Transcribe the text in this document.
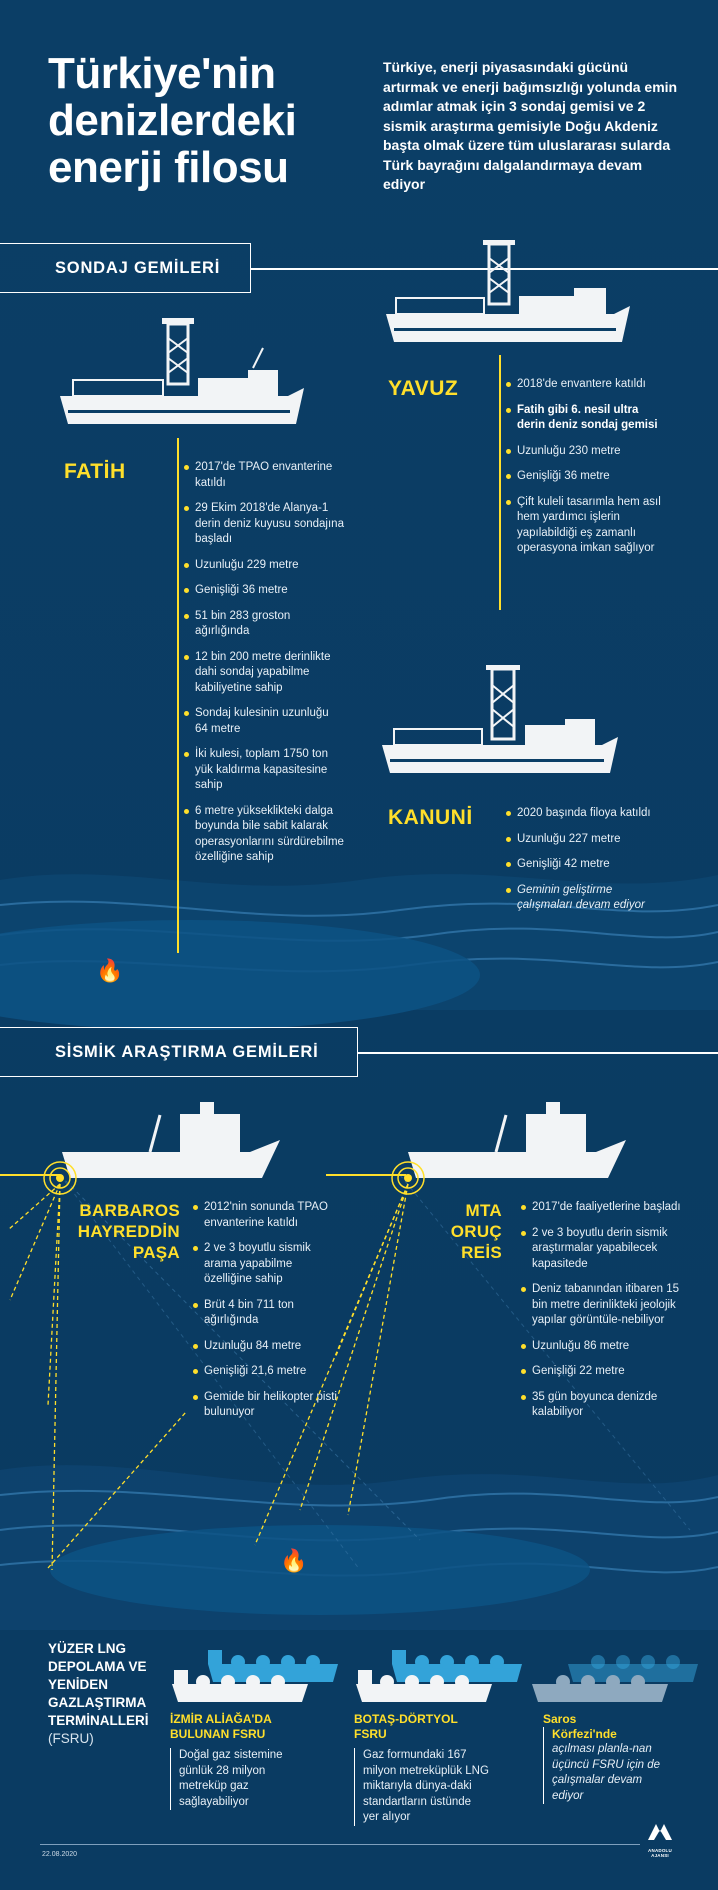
Türkiye'nin denizlerdeki enerji filosu
Türkiye, enerji piyasasındaki gücünü artırmak ve enerji bağımsızlığı yolunda emin adımlar atmak için 3 sondaj gemisi ve 2 sismik araştırma gemisiyle Doğu Akdeniz başta olmak üzere tüm uluslararası sularda Türk bayrağını dalgalandırmaya devam ediyor
SONDAJ GEMİLERİ
FATİH	2017'de TPAO envanterine katıldı
29 Ekim 2018'de Alanya-1 derin deniz kuyusu sondajına başladı
Uzunluğu 229 metre
Genişliği 36 metre
51 bin 283 groston ağırlığında
12 bin 200 metre derinlikte dahi sondaj yapabilme kabiliyetine sahip
Sondaj kulesinin uzunluğu 64 metre
İki kulesi, toplam 1750 ton yük kaldırma kapasitesine sahip
6 metre yükseklikteki dalga boyunda bile sabit kalarak operasyonlarını sürdürebilme özelliğine sahip
🔥
YAVUZ	2018'de envantere katıldı
Fatih gibi 6. nesil ultra derin deniz sondaj gemisi
Uzunluğu 230 metre
Genişliği 36 metre
Çift kuleli tasarımla hem asıl hem yardımcı işlerin yapılabildiği eş zamanlı operasyona imkan sağlıyor
KANUNİ	2020 başında filoya katıldı
Uzunluğu 227 metre
Genişliği 42 metre
Geminin geliştirme çalışmaları devam ediyor
SİSMİK ARAŞTIRMA GEMİLERİ
BARBAROS
HAYREDDİN
PAŞA
2012'nin sonunda TPAO envanterine katıldı
2 ve 3 boyutlu sismik arama yapabilme özelliğine sahip
Brüt 4 bin 711 ton ağırlığında
Uzunluğu 84 metre
Genişliği 21,6 metre
Gemide bir helikopter pisti bulunuyor
MTA
ORUÇ
REİS
2017'de faaliyetlerine başladı
2 ve 3 boyutlu derin sismik araştırmalar yapabilecek kapasitede
Deniz tabanından itibaren 15 bin metre derinlikteki jeolojik yapılar görüntüle-nebiliyor
Uzunluğu 86 metre
Genişliği 22 metre
35 gün boyunca denizde kalabiliyor
🔥
YÜZER LNG
DEPOLAMA VE
YENİDEN
GAZLAŞTIRMA
TERMİNALLERİ
(FSRU)
İZMİR ALİAĞA'DA
BULUNAN FSRU
Doğal gaz sistemine günlük 28 milyon metreküp gaz sağlayabiliyor
BOTAŞ-DÖRTYOL FSRU
Gaz formundaki 167 milyon metreküplük LNG miktarıyla dünya-daki standartların üstünde yer alıyor
Saros
Körfezi'nde
açılması planla-nan üçüncü FSRU için de çalışmalar devam ediyor
22.08.2020
ANADOLU AJANSI
